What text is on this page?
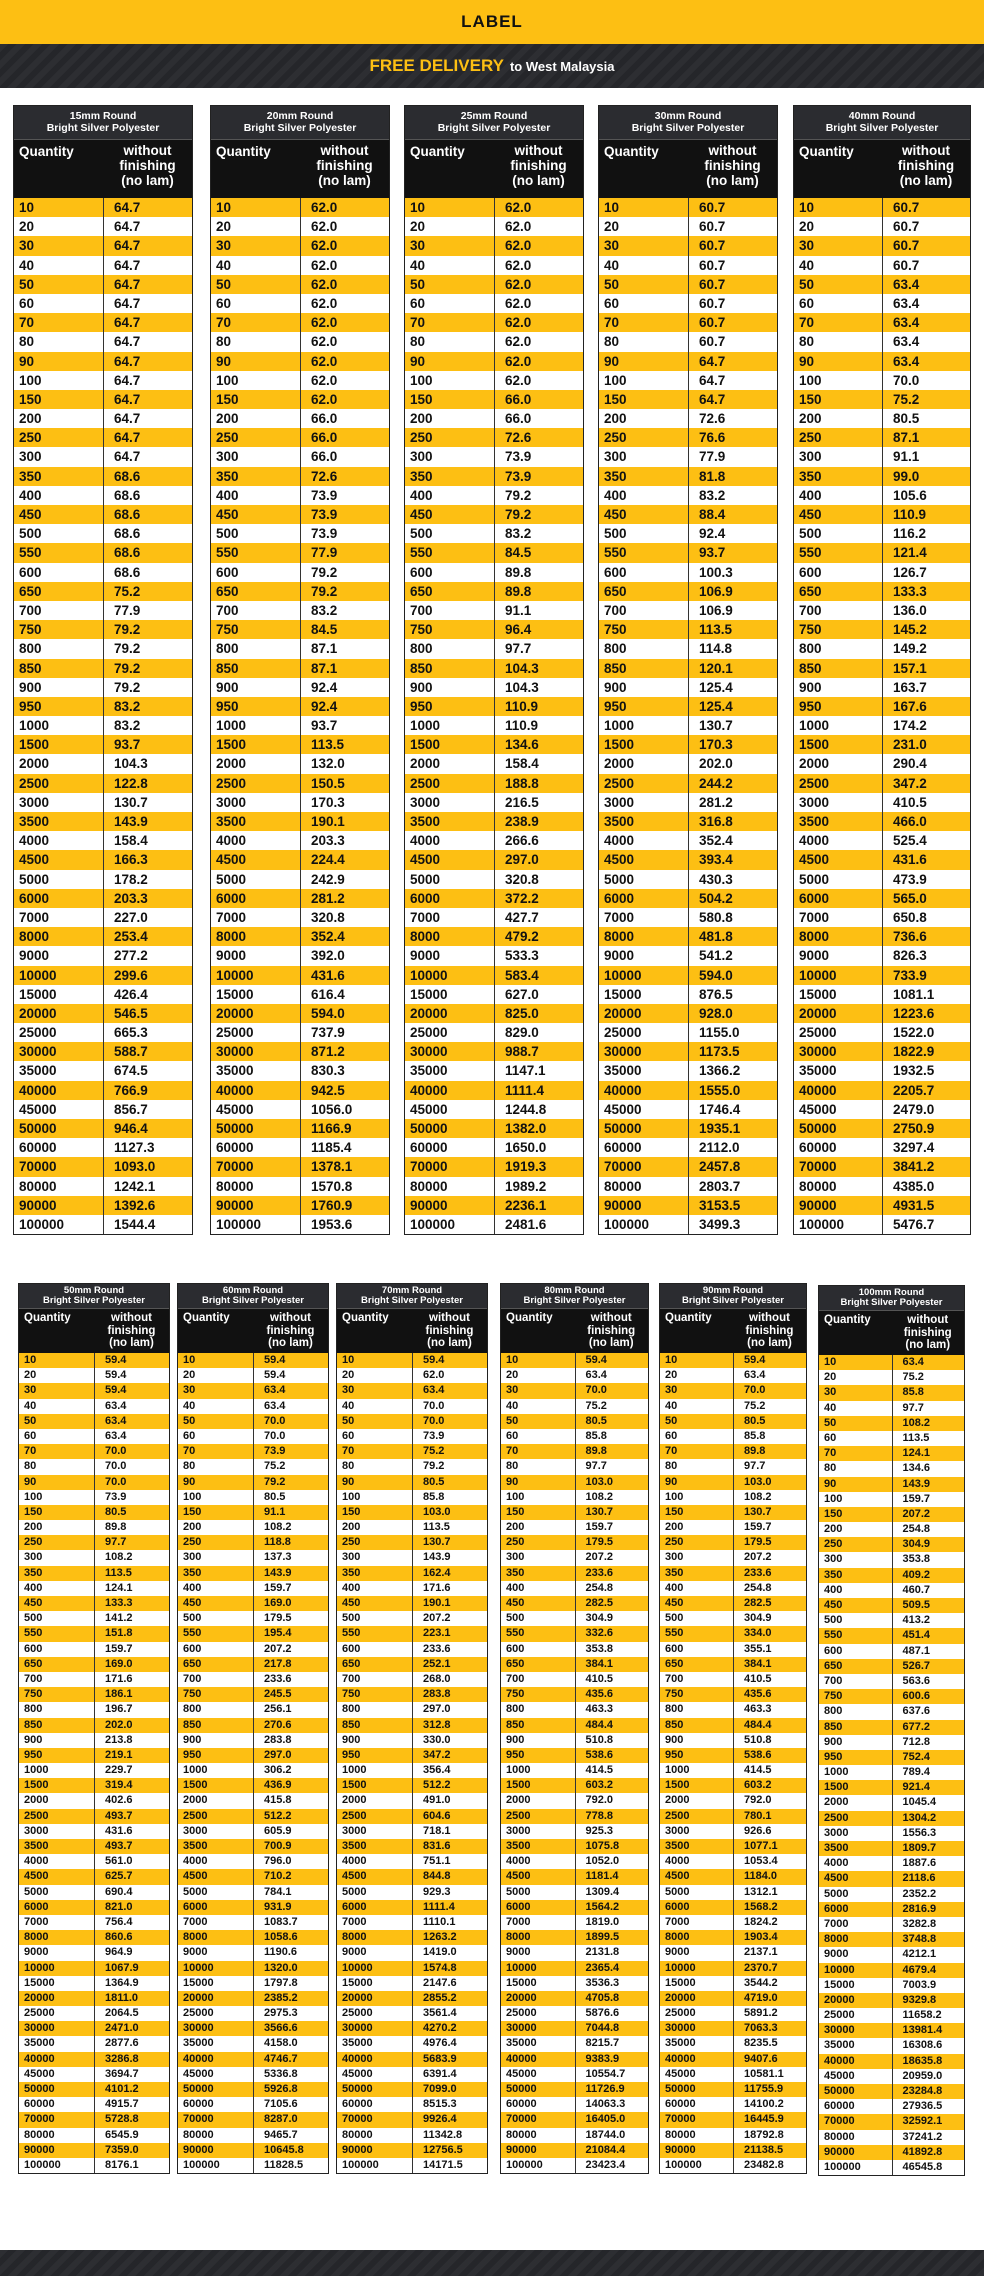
LABEL
FREE DELIVERY to West Malaysia
15mm Round
Bright Silver Polyester
Quantity	without
finishing
(no lam)
10	64.7
20	64.7
30	64.7
40	64.7
50	64.7
60	64.7
70	64.7
80	64.7
90	64.7
100	64.7
150	64.7
200	64.7
250	64.7
300	64.7
350	68.6
400	68.6
450	68.6
500	68.6
550	68.6
600	68.6
650	75.2
700	77.9
750	79.2
800	79.2
850	79.2
900	79.2
950	83.2
1000	83.2
1500	93.7
2000	104.3
2500	122.8
3000	130.7
3500	143.9
4000	158.4
4500	166.3
5000	178.2
6000	203.3
7000	227.0
8000	253.4
9000	277.2
10000	299.6
15000	426.4
20000	546.5
25000	665.3
30000	588.7
35000	674.5
40000	766.9
45000	856.7
50000	946.4
60000	1127.3
70000	1093.0
80000	1242.1
90000	1392.6
100000	1544.4
20mm Round
Bright Silver Polyester
Quantity	without
finishing
(no lam)
10	62.0
20	62.0
30	62.0
40	62.0
50	62.0
60	62.0
70	62.0
80	62.0
90	62.0
100	62.0
150	62.0
200	66.0
250	66.0
300	66.0
350	72.6
400	73.9
450	73.9
500	73.9
550	77.9
600	79.2
650	79.2
700	83.2
750	84.5
800	87.1
850	87.1
900	92.4
950	92.4
1000	93.7
1500	113.5
2000	132.0
2500	150.5
3000	170.3
3500	190.1
4000	203.3
4500	224.4
5000	242.9
6000	281.2
7000	320.8
8000	352.4
9000	392.0
10000	431.6
15000	616.4
20000	594.0
25000	737.9
30000	871.2
35000	830.3
40000	942.5
45000	1056.0
50000	1166.9
60000	1185.4
70000	1378.1
80000	1570.8
90000	1760.9
100000	1953.6
25mm Round
Bright Silver Polyester
Quantity	without
finishing
(no lam)
10	62.0
20	62.0
30	62.0
40	62.0
50	62.0
60	62.0
70	62.0
80	62.0
90	62.0
100	62.0
150	66.0
200	66.0
250	72.6
300	73.9
350	73.9
400	79.2
450	79.2
500	83.2
550	84.5
600	89.8
650	89.8
700	91.1
750	96.4
800	97.7
850	104.3
900	104.3
950	110.9
1000	110.9
1500	134.6
2000	158.4
2500	188.8
3000	216.5
3500	238.9
4000	266.6
4500	297.0
5000	320.8
6000	372.2
7000	427.7
8000	479.2
9000	533.3
10000	583.4
15000	627.0
20000	825.0
25000	829.0
30000	988.7
35000	1147.1
40000	1111.4
45000	1244.8
50000	1382.0
60000	1650.0
70000	1919.3
80000	1989.2
90000	2236.1
100000	2481.6
30mm Round
Bright Silver Polyester
Quantity	without
finishing
(no lam)
10	60.7
20	60.7
30	60.7
40	60.7
50	60.7
60	60.7
70	60.7
80	60.7
90	64.7
100	64.7
150	64.7
200	72.6
250	76.6
300	77.9
350	81.8
400	83.2
450	88.4
500	92.4
550	93.7
600	100.3
650	106.9
700	106.9
750	113.5
800	114.8
850	120.1
900	125.4
950	125.4
1000	130.7
1500	170.3
2000	202.0
2500	244.2
3000	281.2
3500	316.8
4000	352.4
4500	393.4
5000	430.3
6000	504.2
7000	580.8
8000	481.8
9000	541.2
10000	594.0
15000	876.5
20000	928.0
25000	1155.0
30000	1173.5
35000	1366.2
40000	1555.0
45000	1746.4
50000	1935.1
60000	2112.0
70000	2457.8
80000	2803.7
90000	3153.5
100000	3499.3
40mm Round
Bright Silver Polyester
Quantity	without
finishing
(no lam)
10	60.7
20	60.7
30	60.7
40	60.7
50	63.4
60	63.4
70	63.4
80	63.4
90	63.4
100	70.0
150	75.2
200	80.5
250	87.1
300	91.1
350	99.0
400	105.6
450	110.9
500	116.2
550	121.4
600	126.7
650	133.3
700	136.0
750	145.2
800	149.2
850	157.1
900	163.7
950	167.6
1000	174.2
1500	231.0
2000	290.4
2500	347.2
3000	410.5
3500	466.0
4000	525.4
4500	431.6
5000	473.9
6000	565.0
7000	650.8
8000	736.6
9000	826.3
10000	733.9
15000	1081.1
20000	1223.6
25000	1522.0
30000	1822.9
35000	1932.5
40000	2205.7
45000	2479.0
50000	2750.9
60000	3297.4
70000	3841.2
80000	4385.0
90000	4931.5
100000	5476.7
50mm Round
Bright Silver Polyester
Quantity	without
finishing
(no lam)
10	59.4
20	59.4
30	59.4
40	63.4
50	63.4
60	63.4
70	70.0
80	70.0
90	70.0
100	73.9
150	80.5
200	89.8
250	97.7
300	108.2
350	113.5
400	124.1
450	133.3
500	141.2
550	151.8
600	159.7
650	169.0
700	171.6
750	186.1
800	196.7
850	202.0
900	213.8
950	219.1
1000	229.7
1500	319.4
2000	402.6
2500	493.7
3000	431.6
3500	493.7
4000	561.0
4500	625.7
5000	690.4
6000	821.0
7000	756.4
8000	860.6
9000	964.9
10000	1067.9
15000	1364.9
20000	1811.0
25000	2064.5
30000	2471.0
35000	2877.6
40000	3286.8
45000	3694.7
50000	4101.2
60000	4915.7
70000	5728.8
80000	6545.9
90000	7359.0
100000	8176.1
60mm Round
Bright Silver Polyester
Quantity	without
finishing
(no lam)
10	59.4
20	59.4
30	63.4
40	63.4
50	70.0
60	70.0
70	73.9
80	75.2
90	79.2
100	80.5
150	91.1
200	108.2
250	118.8
300	137.3
350	143.9
400	159.7
450	169.0
500	179.5
550	195.4
600	207.2
650	217.8
700	233.6
750	245.5
800	256.1
850	270.6
900	283.8
950	297.0
1000	306.2
1500	436.9
2000	415.8
2500	512.2
3000	605.9
3500	700.9
4000	796.0
4500	710.2
5000	784.1
6000	931.9
7000	1083.7
8000	1058.6
9000	1190.6
10000	1320.0
15000	1797.8
20000	2385.2
25000	2975.3
30000	3566.6
35000	4158.0
40000	4746.7
45000	5336.8
50000	5926.8
60000	7105.6
70000	8287.0
80000	9465.7
90000	10645.8
100000	11828.5
70mm Round
Bright Silver Polyester
Quantity	without
finishing
(no lam)
10	59.4
20	62.0
30	63.4
40	70.0
50	70.0
60	73.9
70	75.2
80	79.2
90	80.5
100	85.8
150	103.0
200	113.5
250	130.7
300	143.9
350	162.4
400	171.6
450	190.1
500	207.2
550	223.1
600	233.6
650	252.1
700	268.0
750	283.8
800	297.0
850	312.8
900	330.0
950	347.2
1000	356.4
1500	512.2
2000	491.0
2500	604.6
3000	718.1
3500	831.6
4000	751.1
4500	844.8
5000	929.3
6000	1111.4
7000	1110.1
8000	1263.2
9000	1419.0
10000	1574.8
15000	2147.6
20000	2855.2
25000	3561.4
30000	4270.2
35000	4976.4
40000	5683.9
45000	6391.4
50000	7099.0
60000	8515.3
70000	9926.4
80000	11342.8
90000	12756.5
100000	14171.5
80mm Round
Bright Silver Polyester
Quantity	without
finishing
(no lam)
10	59.4
20	63.4
30	70.0
40	75.2
50	80.5
60	85.8
70	89.8
80	97.7
90	103.0
100	108.2
150	130.7
200	159.7
250	179.5
300	207.2
350	233.6
400	254.8
450	282.5
500	304.9
550	332.6
600	353.8
650	384.1
700	410.5
750	435.6
800	463.3
850	484.4
900	510.8
950	538.6
1000	414.5
1500	603.2
2000	792.0
2500	778.8
3000	925.3
3500	1075.8
4000	1052.0
4500	1181.4
5000	1309.4
6000	1564.2
7000	1819.0
8000	1899.5
9000	2131.8
10000	2365.4
15000	3536.3
20000	4705.8
25000	5876.6
30000	7044.8
35000	8215.7
40000	9383.9
45000	10554.7
50000	11726.9
60000	14063.3
70000	16405.0
80000	18744.0
90000	21084.4
100000	23423.4
90mm Round
Bright Silver Polyester
Quantity	without
finishing
(no lam)
10	59.4
20	63.4
30	70.0
40	75.2
50	80.5
60	85.8
70	89.8
80	97.7
90	103.0
100	108.2
150	130.7
200	159.7
250	179.5
300	207.2
350	233.6
400	254.8
450	282.5
500	304.9
550	334.0
600	355.1
650	384.1
700	410.5
750	435.6
800	463.3
850	484.4
900	510.8
950	538.6
1000	414.5
1500	603.2
2000	792.0
2500	780.1
3000	926.6
3500	1077.1
4000	1053.4
4500	1184.0
5000	1312.1
6000	1568.2
7000	1824.2
8000	1903.4
9000	2137.1
10000	2370.7
15000	3544.2
20000	4719.0
25000	5891.2
30000	7063.3
35000	8235.5
40000	9407.6
45000	10581.1
50000	11755.9
60000	14100.2
70000	16445.9
80000	18792.8
90000	21138.5
100000	23482.8
100mm Round
Bright Silver Polyester
Quantity	without
finishing
(no lam)
10	63.4
20	75.2
30	85.8
40	97.7
50	108.2
60	113.5
70	124.1
80	134.6
90	143.9
100	159.7
150	207.2
200	254.8
250	304.9
300	353.8
350	409.2
400	460.7
450	509.5
500	413.2
550	451.4
600	487.1
650	526.7
700	563.6
750	600.6
800	637.6
850	677.2
900	712.8
950	752.4
1000	789.4
1500	921.4
2000	1045.4
2500	1304.2
3000	1556.3
3500	1809.7
4000	1887.6
4500	2118.6
5000	2352.2
6000	2816.9
7000	3282.8
8000	3748.8
9000	4212.1
10000	4679.4
15000	7003.9
20000	9329.8
25000	11658.2
30000	13981.4
35000	16308.6
40000	18635.8
45000	20959.0
50000	23284.8
60000	27936.5
70000	32592.1
80000	37241.2
90000	41892.8
100000	46545.8
